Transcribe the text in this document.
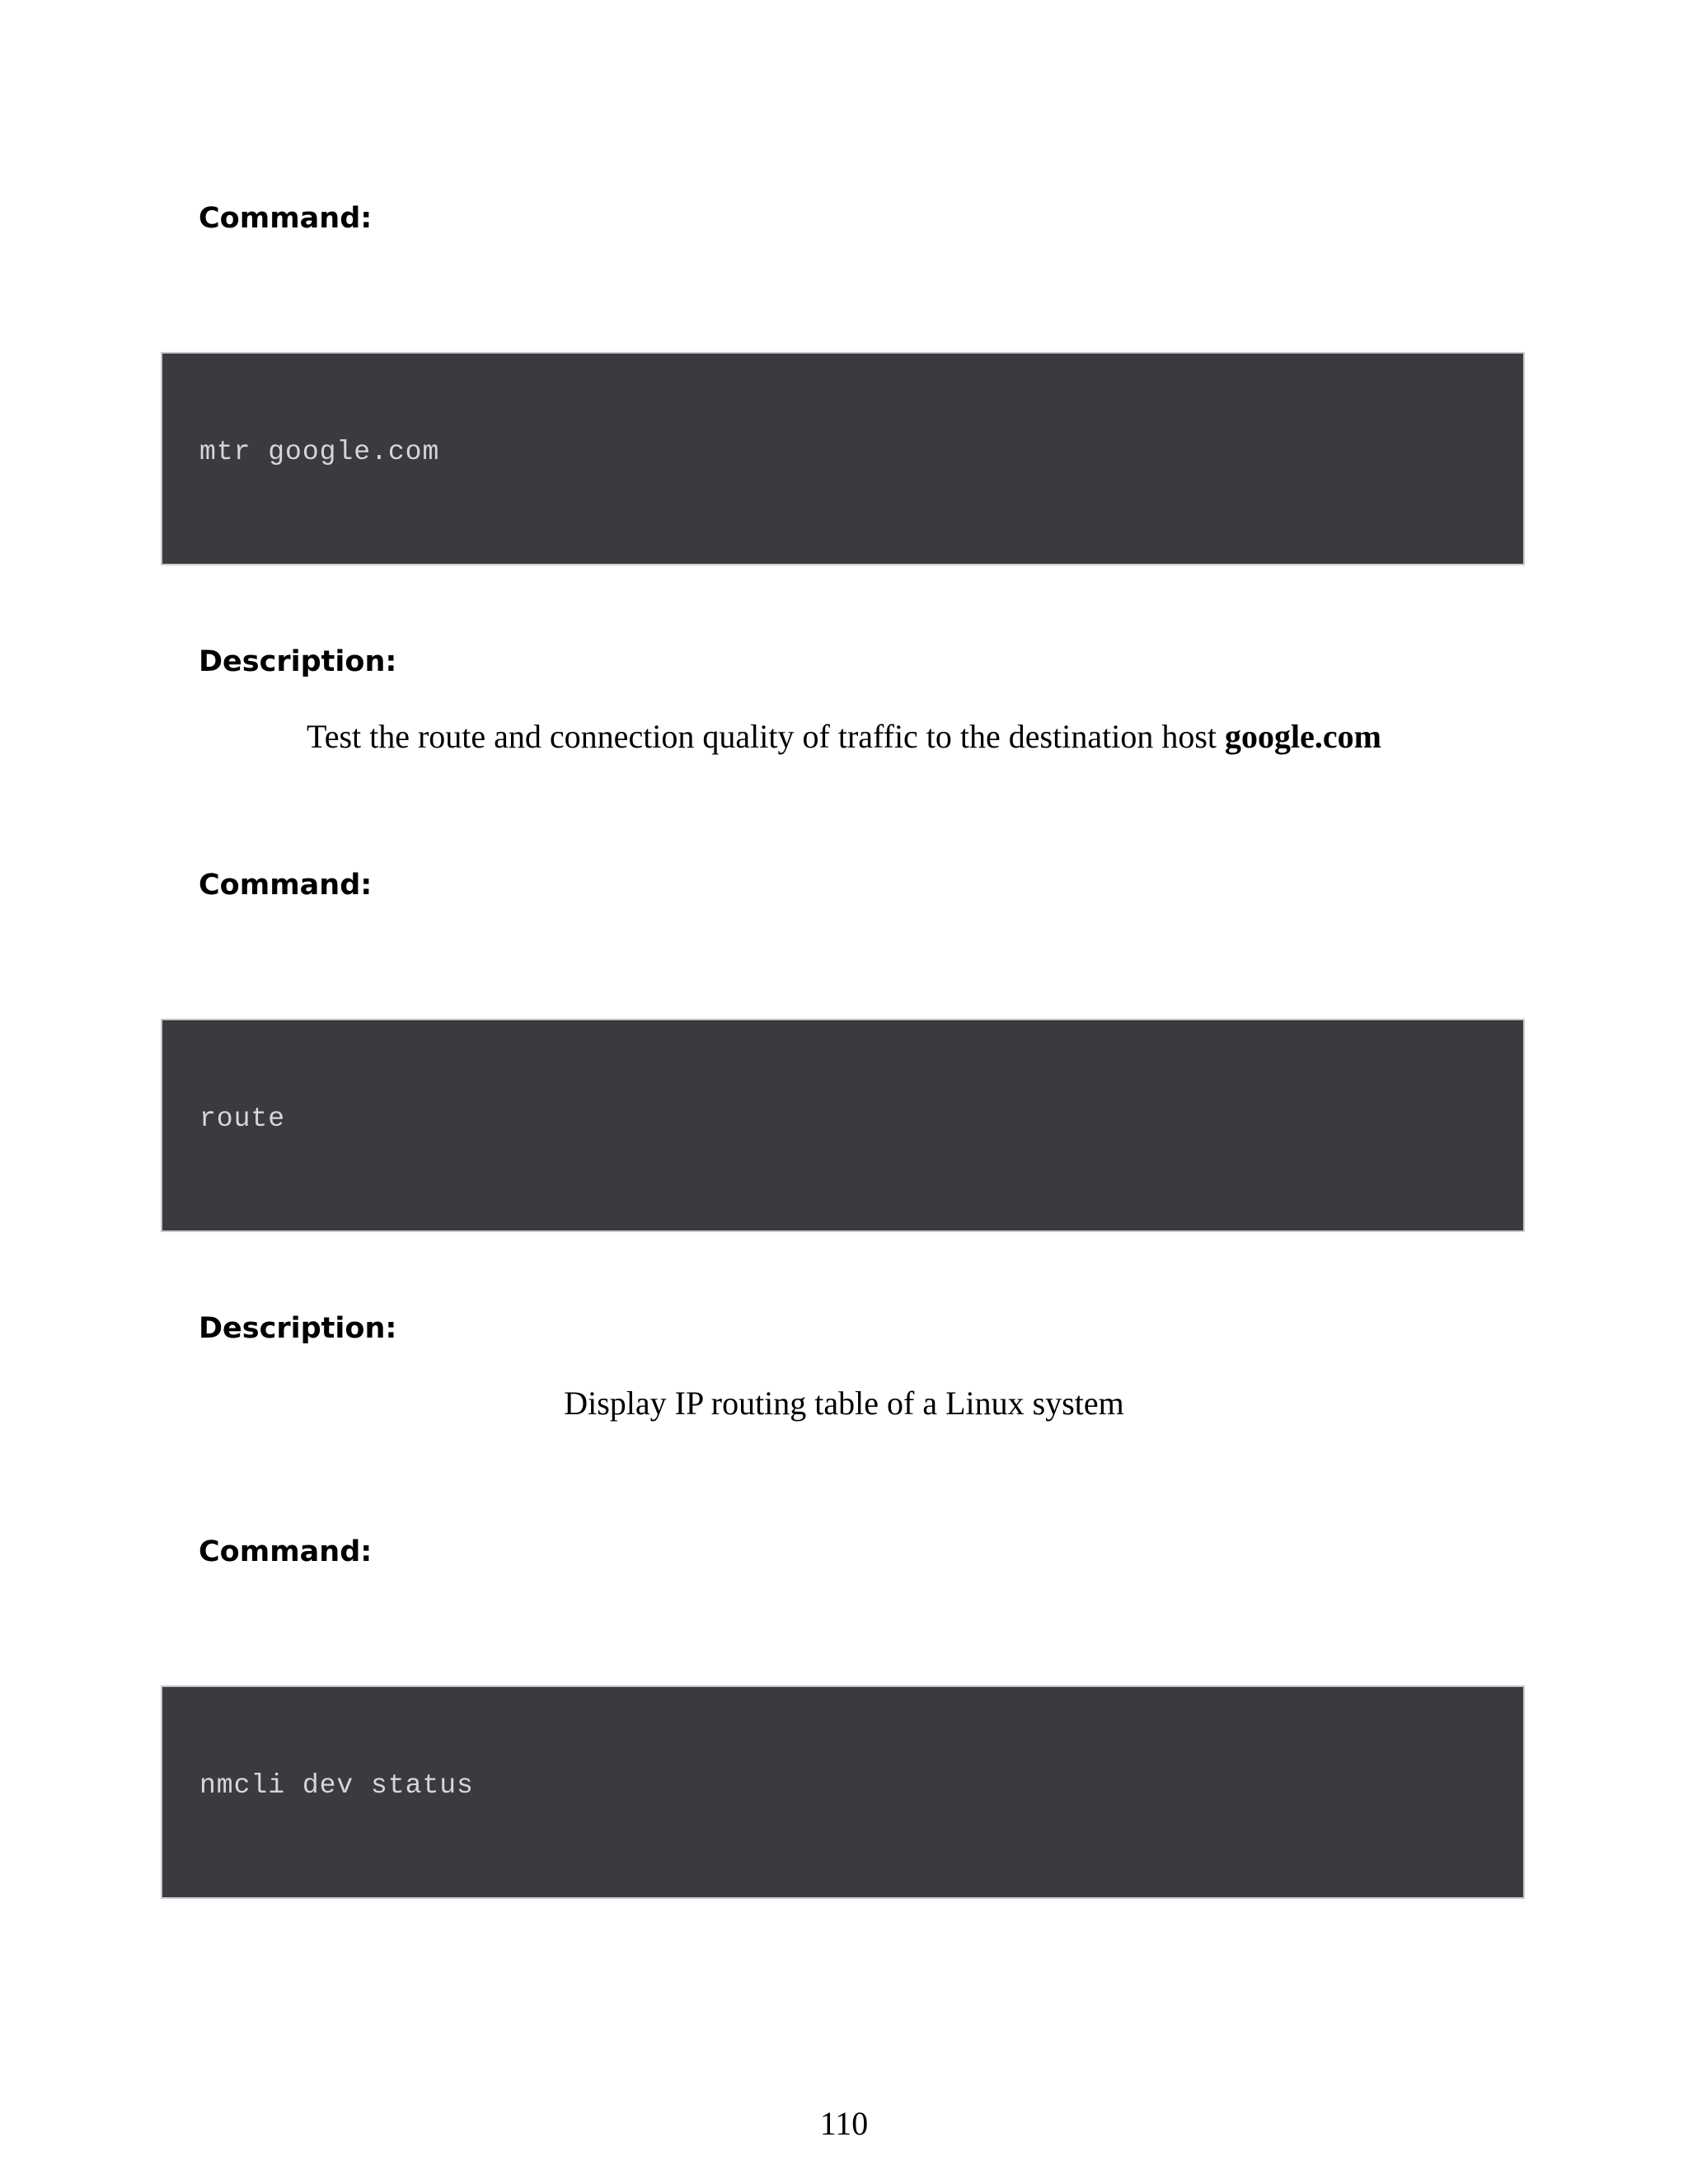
Command:

mtr google.com

Description:

Test the route and connection quality of traffic to the destination host google.com

Command:

route

Description:

Display IP routing table of a Linux system

Command:

nmcli dev status
110
